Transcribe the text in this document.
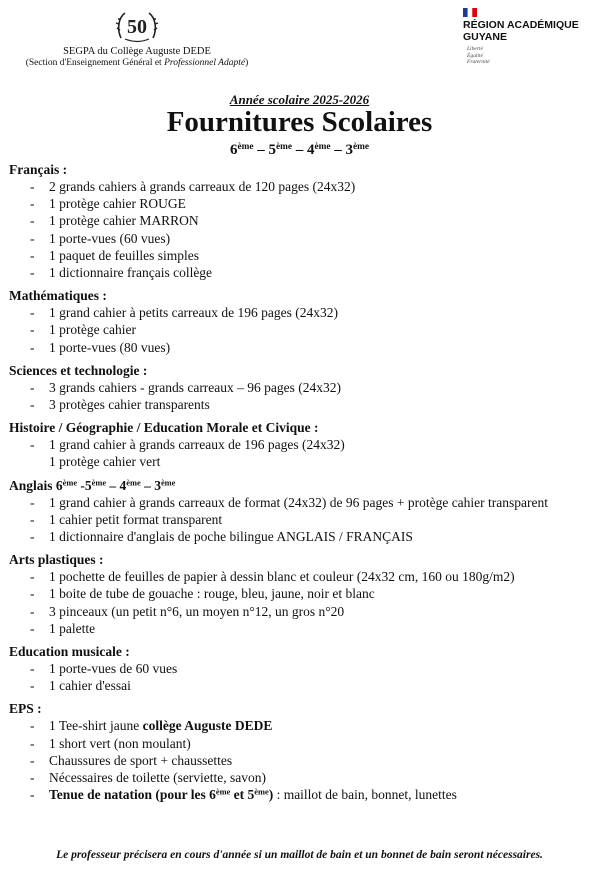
50
SEGPA du Collège Auguste DEDE
(Section d'Enseignement Général et Professionnel Adapté)
RÉGION ACADÉMIQUE
GUYANE
Liberté
Égalité
Fraternité
Année scolaire 2025-2026
Fournitures Scolaires
6ème – 5ème – 4ème – 3ème
Français :
- 2 grands cahiers à grands carreaux de 120 pages (24x32)
- 1 protège cahier ROUGE
- 1 protège cahier MARRON
- 1 porte-vues (60 vues)
- 1 paquet de feuilles simples
- 1 dictionnaire français collège
Mathématiques :
- 1 grand cahier à petits carreaux de 196 pages (24x32)
- 1 protège cahier
- 1 porte-vues (80 vues)
Sciences et technologie :
- 3 grands cahiers - grands carreaux – 96 pages (24x32)
- 3 protèges cahier transparents
Histoire / Géographie / Education Morale et Civique :
- 1 grand cahier à grands carreaux de 196 pages (24x32)
1 protège cahier vert
Anglais 6ème -5ème – 4ème – 3ème
- 1 grand cahier à grands carreaux de format (24x32) de 96 pages + protège cahier transparent
- 1 cahier petit format transparent
- 1 dictionnaire d'anglais de poche bilingue ANGLAIS / FRANÇAIS
Arts plastiques :
- 1 pochette de feuilles de papier à dessin blanc et couleur (24x32 cm, 160 ou 180g/m2)
- 1 boite de tube de gouache : rouge, bleu, jaune, noir et blanc
- 3 pinceaux (un petit n°6, un moyen n°12, un gros n°20
- 1 palette
Education musicale :
- 1 porte-vues de 60 vues
- 1 cahier d'essai
EPS :
- 1 Tee-shirt jaune collège Auguste DEDE
- 1 short vert (non moulant)
- Chaussures de sport + chaussettes
- Nécessaires de toilette (serviette, savon)
- Tenue de natation (pour les 6ème et 5ème) : maillot de bain, bonnet, lunettes
Le professeur précisera en cours d'année si un maillot de bain et un bonnet de bain seront nécessaires.
